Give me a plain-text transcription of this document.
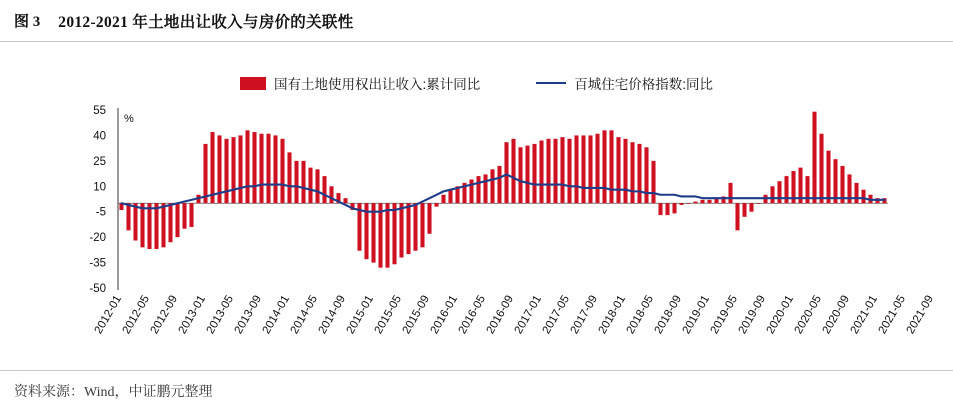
图 3 2012-2021 年土地出让收入与房价的关联性
国有土地使用权出让收入:累计同比	百城住宅价格指数:同比
55
40
25
10
-5
-20
-35
-50
%
2012-01
2012-05
2012-09
2013-01
2013-05
2013-09
2014-01
2014-05
2014-09
2015-01
2015-05
2015-09
2016-01
2016-05
2016-09
2017-01
2017-05
2017-09
2018-01
2018-05
2018-09
2019-01
2019-05
2019-09
2020-01
2020-05
2020-09
2021-01
2021-05
2021-09
资料来源：Wind，中证鹏元整理
